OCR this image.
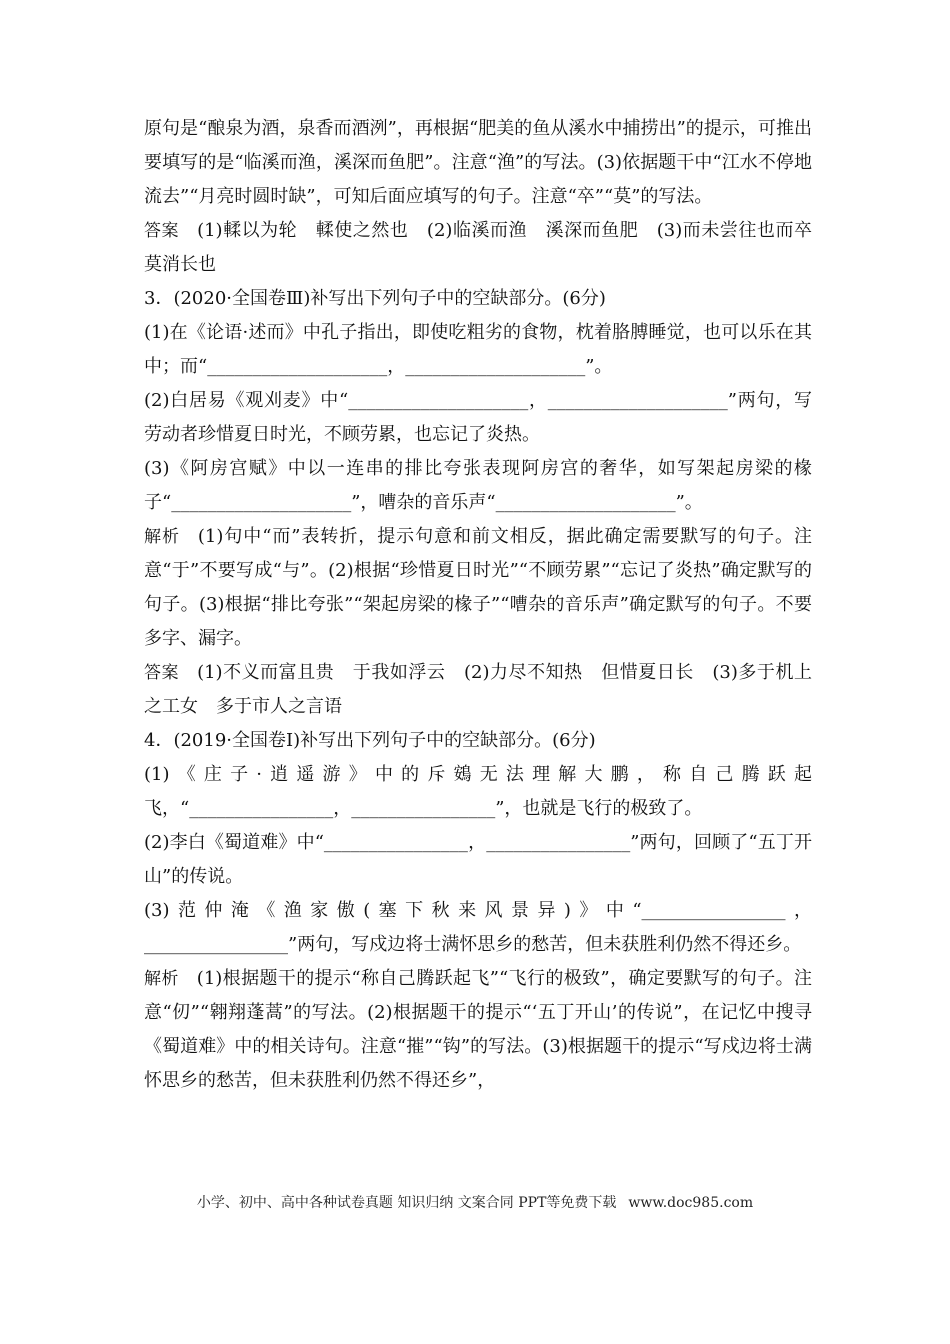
原句是“酿泉为酒，泉香而酒洌”，再根据“肥美的鱼从溪水中捕捞出”的提示，可推出要填写的是“临溪而渔，溪深而鱼肥”。注意“渔”的写法。(3)依据题干中“江水不停地流去”“月亮时圆时缺”，可知后面应填写的句子。注意“卒”“莫”的写法。

答案 (1)輮以为轮　輮使之然也　(2)临溪而渔　溪深而鱼肥　(3)而未尝往也而卒莫消长也

3．(2020·全国卷Ⅲ)补写出下列句子中的空缺部分。(6分)

(1)在《论语·述而》中孔子指出，即使吃粗劣的食物，枕着胳膊睡觉，也可以乐在其中；而“____________________，____________________”。

(2)白居易《观刈麦》中“____________________，____________________”两句，写劳动者珍惜夏日时光，不顾劳累，也忘记了炎热。

(3)《阿房宫赋》中以一连串的排比夸张表现阿房宫的奢华，如写架起房梁的椽子“____________________”，嘈杂的音乐声“____________________”。

解析 (1)句中“而”表转折，提示句意和前文相反，据此确定需要默写的句子。注意“于”不要写成“与”。(2)根据“珍惜夏日时光”“不顾劳累”“忘记了炎热”确定默写的句子。(3)根据“排比夸张”“架起房梁的椽子”“嘈杂的音乐声”确定默写的句子。不要多字、漏字。

答案 (1)不义而富且贵　于我如浮云　(2)力尽不知热　但惜夏日长　(3)多于机上之工女　多于市人之言语

4．(2019·全国卷Ⅰ)补写出下列句子中的空缺部分。(6分)

(1)《庄子·逍遥游》中的斥鴳无法理解大鹏，称自己腾跃起飞，“________________，________________”，也就是飞行的极致了。

(2)李白《蜀道难》中“________________，________________”两句，回顾了“五丁开山”的传说。

(3)范仲淹《渔家傲(塞下秋来风景异)》中“________________，________________”两句，写戍边将士满怀思乡的愁苦，但未获胜利仍然不得还乡。

解析 (1)根据题干的提示“称自己腾跃起飞”“飞行的极致”，确定要默写的句子。注意“仞”“翱翔蓬蒿”的写法。(2)根据题干的提示“‘五丁开山’的传说”，在记忆中搜寻《蜀道难》中的相关诗句。注意“摧”“钩”的写法。(3)根据题干的提示“写戍边将士满怀思乡的愁苦，但未获胜利仍然不得还乡”，

小学、初中、高中各种试卷真题 知识归纳 文案合同 PPT等免费下载 www.doc985.com
